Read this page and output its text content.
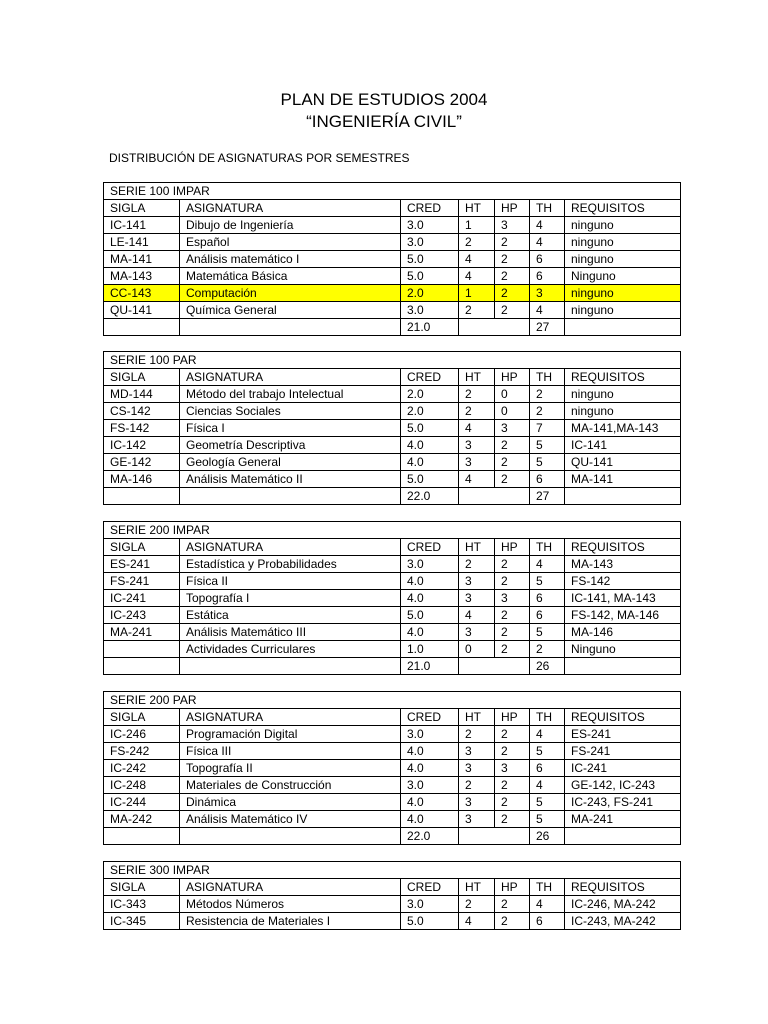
PLAN DE ESTUDIOS 2004
“INGENIERÍA CIVIL”
DISTRIBUCIÓN DE ASIGNATURAS POR SEMESTRES
SERIE 100 IMPAR						
SIGLA	ASIGNATURA	CRED	HT	HP	TH	REQUISITOS
IC-141	Dibujo de Ingeniería	3.0	1	3	4	ninguno
LE-141	Español	3.0	2	2	4	ninguno
MA-141	Análisis matemático I	5.0	4	2	6	ninguno
MA-143	Matemática Básica	5.0	4	2	6	Ninguno
CC-143	Computación	2.0	1	2	3	ninguno
QU-141	Química General	3.0	2	2	4	ninguno
		21.0			27	
SERIE 100 PAR						
SIGLA	ASIGNATURA	CRED	HT	HP	TH	REQUISITOS
MD-144	Método del trabajo Intelectual	2.0	2	0	2	ninguno
CS-142	Ciencias Sociales	2.0	2	0	2	ninguno
FS-142	Física I	5.0	4	3	7	MA-141,MA-143
IC-142	Geometría Descriptiva	4.0	3	2	5	IC-141
GE-142	Geología General	4.0	3	2	5	QU-141
MA-146	Análisis Matemático II	5.0	4	2	6	MA-141
		22.0			27	
SERIE 200 IMPAR						
SIGLA	ASIGNATURA	CRED	HT	HP	TH	REQUISITOS
ES-241	Estadística y Probabilidades	3.0	2	2	4	MA-143
FS-241	Física II	4.0	3	2	5	FS-142
IC-241	Topografía I	4.0	3	3	6	IC-141, MA-143
IC-243	Estática	5.0	4	2	6	FS-142, MA-146
MA-241	Análisis Matemático III	4.0	3	2	5	MA-146
	Actividades Curriculares	1.0	0	2	2	Ninguno
		21.0			26	
SERIE 200 PAR						
SIGLA	ASIGNATURA	CRED	HT	HP	TH	REQUISITOS
IC-246	Programación Digital	3.0	2	2	4	ES-241
FS-242	Física III	4.0	3	2	5	FS-241
IC-242	Topografía II	4.0	3	3	6	IC-241
IC-248	Materiales de Construcción	3.0	2	2	4	GE-142, IC-243
IC-244	Dinámica	4.0	3	2	5	IC-243, FS-241
MA-242	Análisis Matemático IV	4.0	3	2	5	MA-241
		22.0			26	
SERIE 300 IMPAR						
SIGLA	ASIGNATURA	CRED	HT	HP	TH	REQUISITOS
IC-343	Métodos Números	3.0	2	2	4	IC-246, MA-242
IC-345	Resistencia de Materiales I	5.0	4	2	6	IC-243, MA-242
